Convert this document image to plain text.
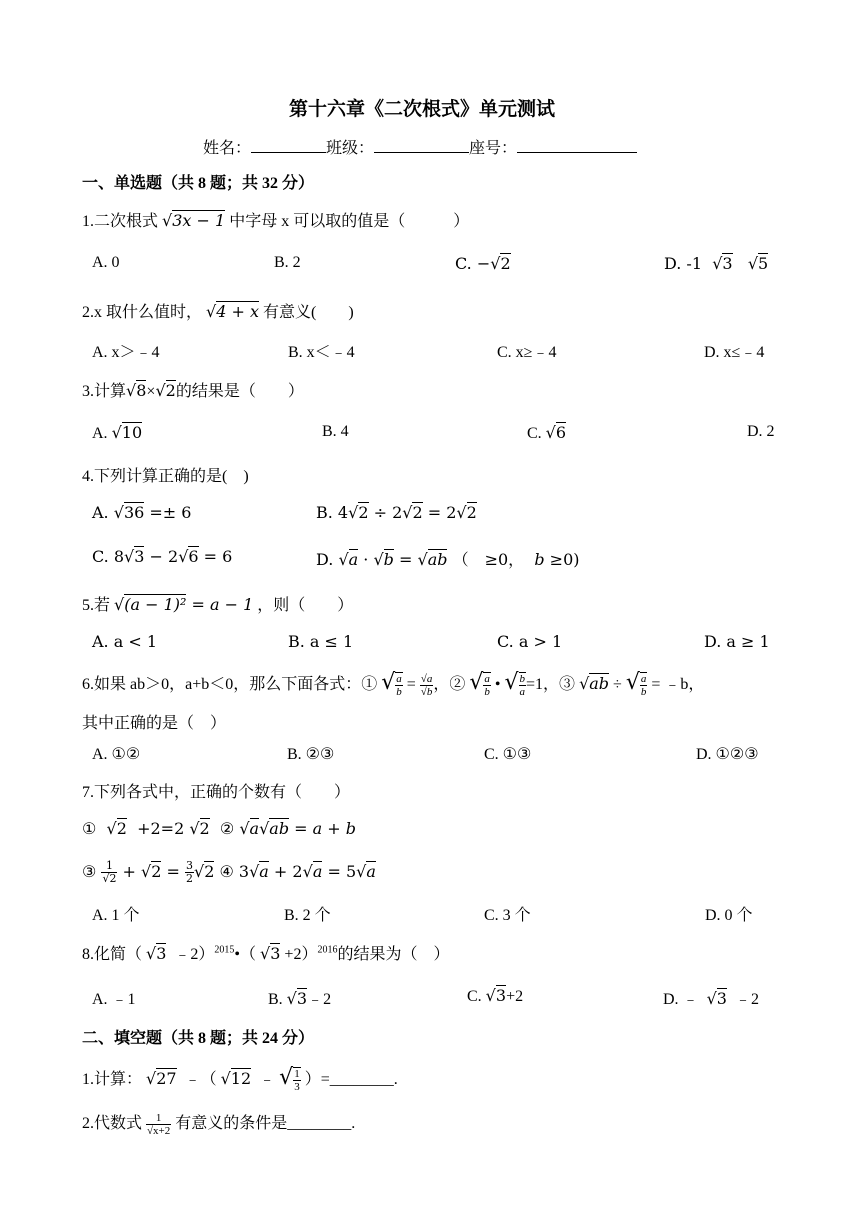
第十六章《二次根式》单元测试
姓名：	班级：	座号：
一、单选题（共 8 题；共 32 分）
1.二次根式 √3x − 1 中字母 x 可以取的值是（　　　）
A. 0	B. 2	C. −√2	D. -1 √3 √5
2.x 取什么值时， √4 + x 有意义(　　)
A. x＞﹣4	B. x＜﹣4	C. x≥﹣4	D. x≤﹣4
3.计算√8×√2的结果是（　　）
A. √10	B. 4	C. √6	D. 2
4.下列计算正确的是(　)
A. √36 =± 6	B. 4√2 ÷ 2√2 = 2√2
C. 8√3 − 2√6 = 6	D. √a · √b = √ab （　≥0， b ≥0)
5.若 √(a − 1)² = a − 1 ，则（　　）
A. a < 1	B. a ≤ 1	C. a > 1	D. a ≥ 1
6.如果 ab＞0，a+b＜0，那么下面各式：① √ $\frac{a}{b} = \frac{√a}{√b}$ ，② √ $\frac{a}{b}$ • √ $\frac{b}{a} =1$，③ √ab ÷ √ $\frac{a}{b}$ = ﹣b，
其中正确的是（　）
A. ①②	B. ②③	C. ①③	D. ①②③
7.下列各式中，正确的个数有（　　）
① √2 +2=2 √2 ② √a√ab = a + b
③ $\frac{1}{√2} + √2 = \frac{3}{2} √2$ ④ 3√a + 2√a = 5√a
A. 1 个	B. 2 个	C. 3 个	D. 0 个
8.化简（ √3 ﹣2）$^{2015}$•（ √3 +2）$^{2016}$的结果为（　）
A. ﹣1	B. √3﹣2	C. √3+2	D. ﹣ √3 ﹣2
二、填空题（共 8 题；共 24 分）
1.计算： √27 ﹣（ √12 ﹣ √ $\frac{1}{3}$ ）=________.
2.代数式 $\frac{1}{√x+2}$ 有意义的条件是________.
